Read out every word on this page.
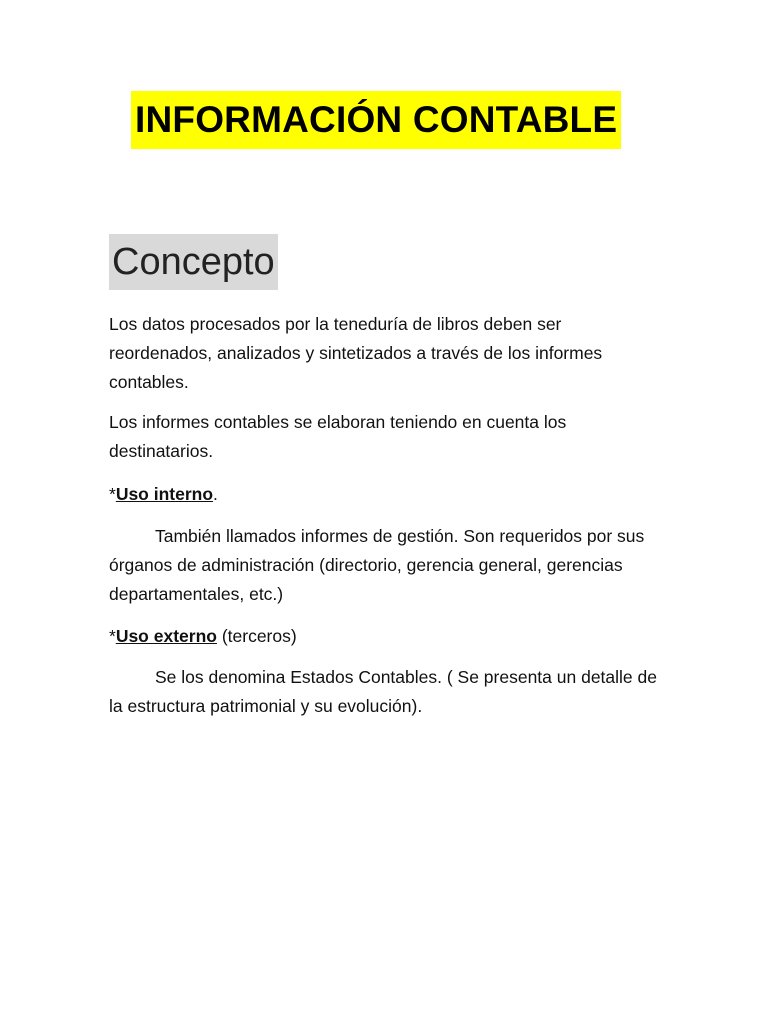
INFORMACIÓN CONTABLE
Concepto
Los datos procesados por la teneduría de libros deben ser reordenados, analizados y sintetizados a través de los informes contables.
Los informes contables se elaboran teniendo en cuenta los destinatarios.
*Uso interno.
También llamados informes de gestión. Son requeridos por sus órganos de administración (directorio, gerencia general, gerencias departamentales, etc.)
*Uso externo (terceros)
Se los denomina Estados Contables. ( Se presenta un detalle de la estructura patrimonial y su evolución).
